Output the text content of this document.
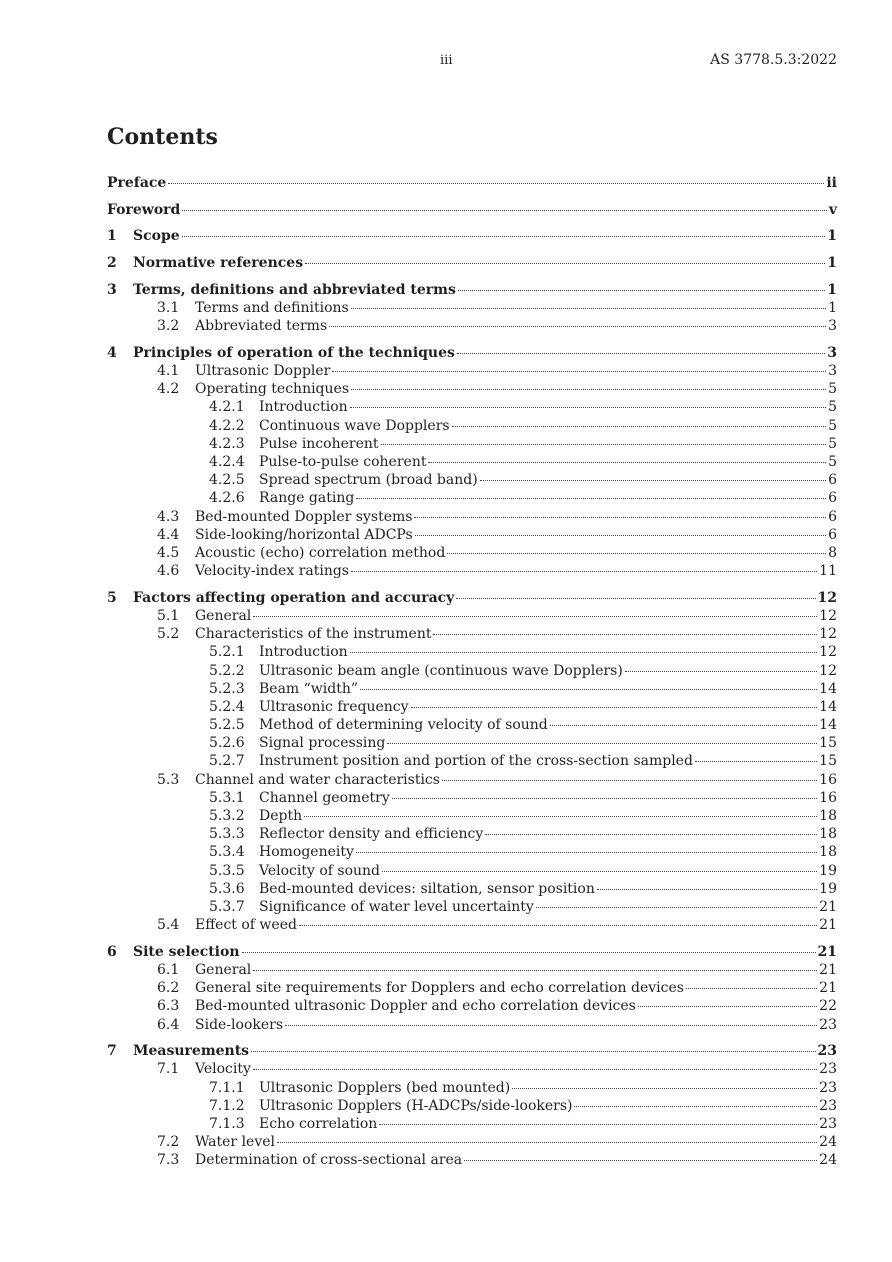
iii	AS 3778.5.3:2022
Contents
Preface	ii
Foreword	v
1	Scope	1
2	Normative references	1
3	Terms, definitions and abbreviated terms	1
3.1	Terms and definitions	1
3.2	Abbreviated terms	3
4	Principles of operation of the techniques	3
4.1	Ultrasonic Doppler	3
4.2	Operating techniques	5
4.2.1	Introduction	5
4.2.2	Continuous wave Dopplers	5
4.2.3	Pulse incoherent	5
4.2.4	Pulse-to-pulse coherent	5
4.2.5	Spread spectrum (broad band)	6
4.2.6	Range gating	6
4.3	Bed-mounted Doppler systems	6
4.4	Side-looking/horizontal ADCPs	6
4.5	Acoustic (echo) correlation method	8
4.6	Velocity-index ratings	11
5	Factors affecting operation and accuracy	12
5.1	General	12
5.2	Characteristics of the instrument	12
5.2.1	Introduction	12
5.2.2	Ultrasonic beam angle (continuous wave Dopplers)	12
5.2.3	Beam “width”	14
5.2.4	Ultrasonic frequency	14
5.2.5	Method of determining velocity of sound	14
5.2.6	Signal processing	15
5.2.7	Instrument position and portion of the cross-section sampled	15
5.3	Channel and water characteristics	16
5.3.1	Channel geometry	16
5.3.2	Depth	18
5.3.3	Reflector density and efficiency	18
5.3.4	Homogeneity	18
5.3.5	Velocity of sound	19
5.3.6	Bed-mounted devices: siltation, sensor position	19
5.3.7	Significance of water level uncertainty	21
5.4	Effect of weed	21
6	Site selection	21
6.1	General	21
6.2	General site requirements for Dopplers and echo correlation devices	21
6.3	Bed-mounted ultrasonic Doppler and echo correlation devices	22
6.4	Side-lookers	23
7	Measurements	23
7.1	Velocity	23
7.1.1	Ultrasonic Dopplers (bed mounted)	23
7.1.2	Ultrasonic Dopplers (H-ADCPs/side-lookers)	23
7.1.3	Echo correlation	23
7.2	Water level	24
7.3	Determination of cross-sectional area	24
